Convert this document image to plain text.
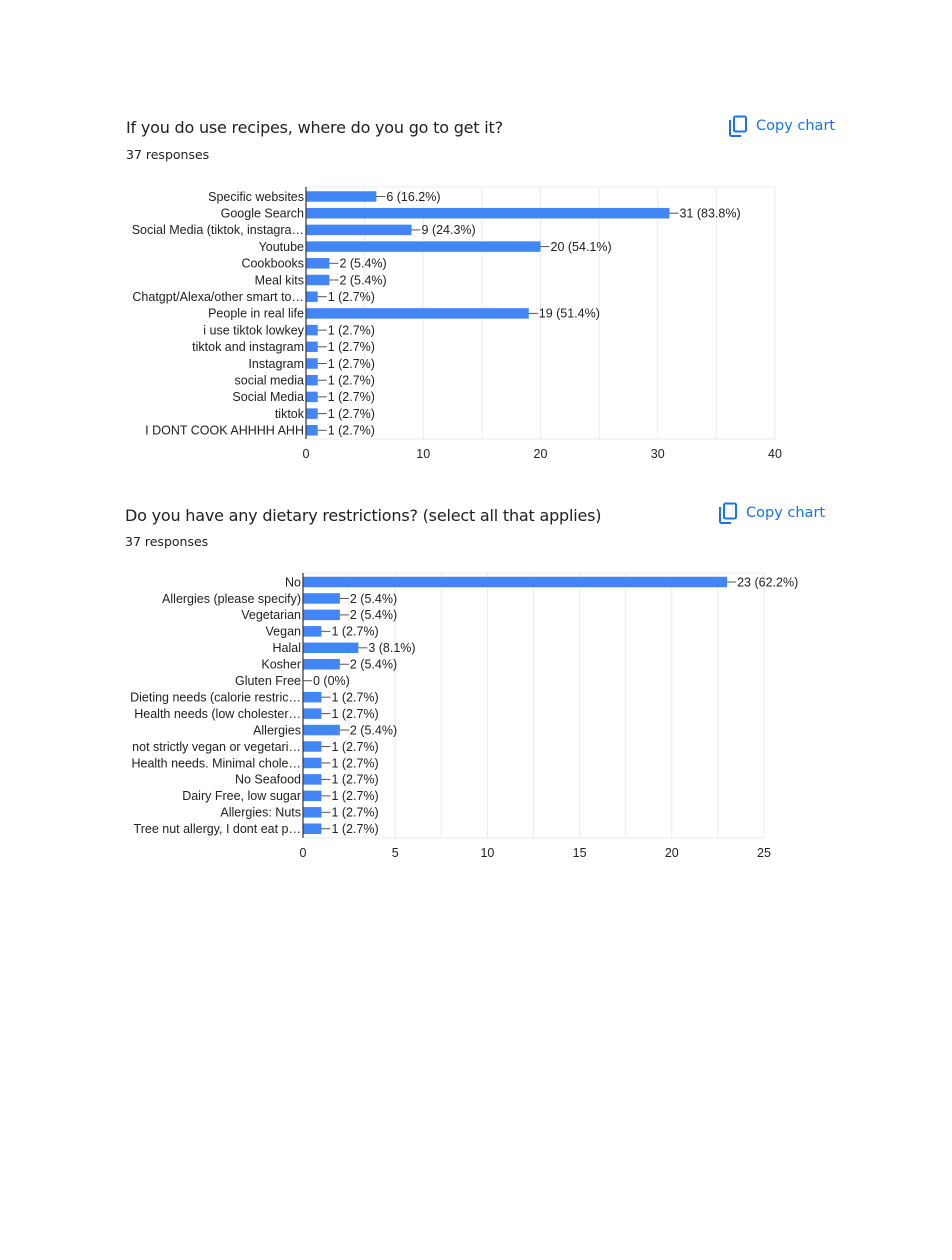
If you do use recipes, where do you go to get it?
37 responses
Copy chart
6 (16.2%)
Specific websites
31 (83.8%)
Google Search
9 (24.3%)
Social Media (tiktok, instagra…
20 (54.1%)
Youtube
2 (5.4%)
Cookbooks
2 (5.4%)
Meal kits
1 (2.7%)
Chatgpt/Alexa/other smart to…
19 (51.4%)
People in real life
1 (2.7%)
i use tiktok lowkey
1 (2.7%)
tiktok and instagram
1 (2.7%)
Instagram
1 (2.7%)
social media
1 (2.7%)
Social Media
1 (2.7%)
tiktok
1 (2.7%)
I DONT COOK AHHHH AHH
0	10	20	30	40
Do you have any dietary restrictions? (select all that applies)
37 responses
Copy chart
23 (62.2%)
No
2 (5.4%)
Allergies (please specify)
2 (5.4%)
Vegetarian
1 (2.7%)
Vegan
3 (8.1%)
Halal
2 (5.4%)
Kosher
0 (0%)
Gluten Free
1 (2.7%)
Dieting needs (calorie restric…
1 (2.7%)
Health needs (low cholester…
2 (5.4%)
Allergies
1 (2.7%)
not strictly vegan or vegetari…
1 (2.7%)
Health needs. Minimal chole…
1 (2.7%)
No Seafood
1 (2.7%)
Dairy Free, low sugar
1 (2.7%)
Allergies: Nuts
1 (2.7%)
Tree nut allergy, I dont eat p…
0	5	10	15	20	25
